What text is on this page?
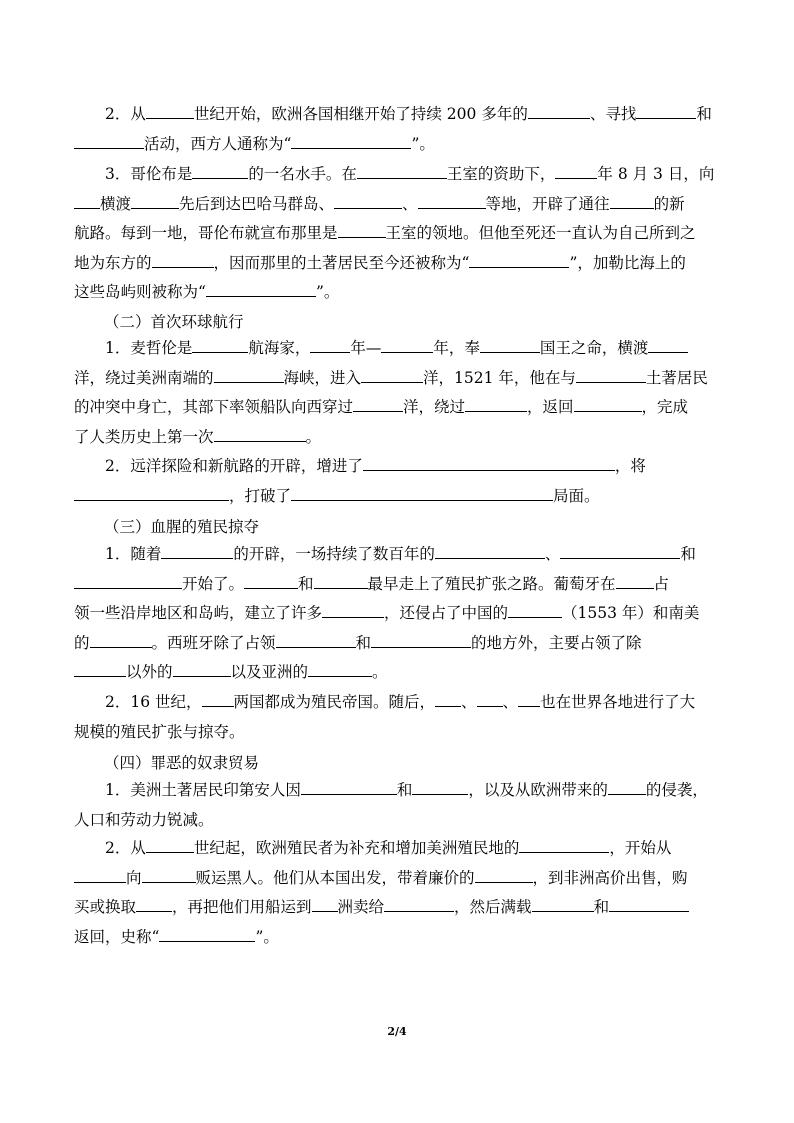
　　2．从	世纪开始，欧洲各国相继开始了持续 200 多年的	、寻找	和
活动，西方人通称为“	”。
　　3．哥伦布是	的一名水手。在	王室的资助下，	年 8 月 3 日，向
横渡	先后到达巴哈马群岛、	、	等地，开辟了通往	的新
航路。每到一地，哥伦布就宣布那里是	王室的领地。但他至死还一直认为自己所到之
地为东方的	，因而那里的土著居民至今还被称为“	”，加勒比海上的
这些岛屿则被称为“	”。
　　1．麦哲伦是	航海家，	年—	年，奉	国王之命，横渡
洋，绕过美洲南端的	海峡，进入	洋，1521 年，他在与	土著居民
的冲突中身亡，其部下率领船队向西穿过	洋，绕过	，返回	，完成
了人类历史上第一次	。
　　2．远洋探险和新航路的开辟，增进了	，将
，打破了	局面。
　　1．随着	的开辟，一场持续了数百年的	、	和
开始了。	和	最早走上了殖民扩张之路。葡萄牙在 占
领一些沿岸地区和岛屿，建立了许多	，还侵占了中国的	（1553 年）和南美
的	。西班牙除了占领	和	的地方外，主要占领了除
以外的	以及亚洲的	。
　　2．16 世纪， 两国都成为殖民帝国。随后， 、 、 也在世界各地进行了大
规模的殖民扩张与掠夺。
　　1．美洲土著居民印第安人因	和	，以及从欧洲带来的 的侵袭，
人口和劳动力锐减。
　　2．从	世纪起，欧洲殖民者为补充和增加美洲殖民地的	，开始从
向	贩运黑人。他们从本国出发，带着廉价的	，到非洲高价出售，购
买或换取 ，再把他们用船运到 洲卖给	，然后满载	和
返回，史称“	”。
（二）首次环球航行
（三）血腥的殖民掠夺
（四）罪恶的奴隶贸易
2/4
